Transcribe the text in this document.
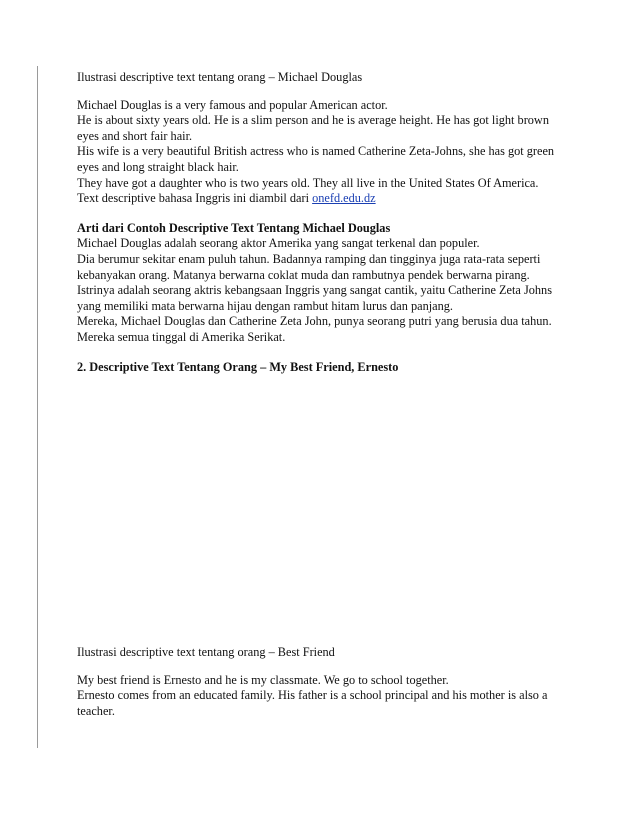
Ilustrasi descriptive text tentang orang – Michael Douglas
Michael Douglas is a very famous and popular American actor.
He is about sixty years old. He is a slim person and he is average height. He has got light brown
eyes and short fair hair.
His wife is a very beautiful British actress who is named Catherine Zeta-Johns, she has got green
eyes and long straight black hair.
They have got a daughter who is two years old. They all live in the United States Of America.
Text descriptive bahasa Inggris ini diambil dari onefd.edu.dz
Arti dari Contoh Descriptive Text Tentang Michael Douglas
Michael Douglas adalah seorang aktor Amerika yang sangat terkenal dan populer.
Dia berumur sekitar enam puluh tahun. Badannya ramping dan tingginya juga rata-rata seperti
kebanyakan orang. Matanya berwarna coklat muda dan rambutnya pendek berwarna pirang.
Istrinya adalah seorang aktris kebangsaan Inggris yang sangat cantik, yaitu Catherine Zeta Johns
yang memiliki mata berwarna hijau dengan rambut hitam lurus dan panjang.
Mereka, Michael Douglas dan Catherine Zeta John, punya seorang putri yang berusia dua tahun.
Mereka semua tinggal di Amerika Serikat.
2. Descriptive Text Tentang Orang – My Best Friend, Ernesto
Ilustrasi descriptive text tentang orang – Best Friend
My best friend is Ernesto and he is my classmate. We go to school together.
Ernesto comes from an educated family. His father is a school principal and his mother is also a
teacher.
